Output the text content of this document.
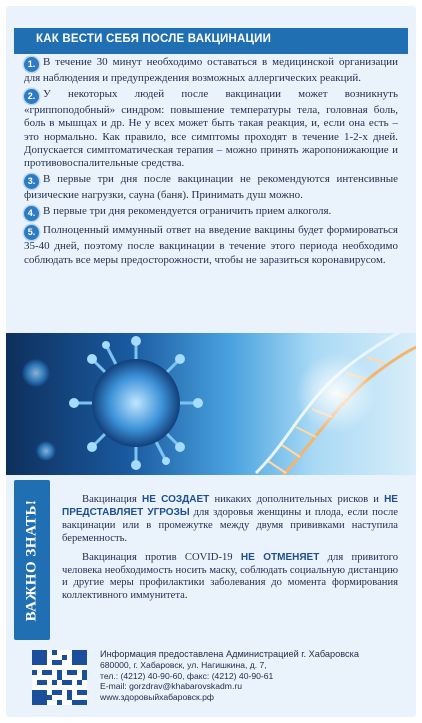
КАК ВЕСТИ СЕБЯ ПОСЛЕ ВАКЦИНАЦИИ
1. В течение 30 минут необходимо оставаться в медицинской организации для наблюдения и предупреждения возможных аллергических реакций.
2. У некоторых людей после вакцинации может возникнуть «гриппоподобный» синдром: повышение температуры тела, головная боль, боль в мышцах и др. Не у всех может быть такая реакция, и, если она есть – это нормально. Как правило, все симптомы проходят в течение 1-2-х дней. Допускается симптоматическая терапия – можно принять жаропонижающие и противовоспалительные средства.
3. В первые три дня после вакцинации не рекомендуются интенсивные физические нагрузки, сауна (баня). Принимать душ можно.
4. В первые три дня рекомендуется ограничить прием алкоголя.
5. Полноценный иммунный ответ на введение вакцины будет формироваться 35-40 дней, поэтому после вакцинации в течение этого периода необходимо соблюдать все меры предосторожности, чтобы не заразиться коронавирусом.
ВАЖНО ЗНАТЬ!	Вакцинация НЕ СОЗДАЕТ никаких дополнительных рисков и НЕ ПРЕДСТАВЛЯЕТ УГРОЗЫ для здоровья женщины и плода, если после вакцинации или в промежутке между двумя прививками наступила беременность.

Вакцинация против COVID-19 НЕ ОТМЕНЯЕТ для привитого человека необходимость носить маску, соблюдать социальную дистанцию и другие меры профилактики заболевания до момента формирования коллективного иммунитета.

Информация предоставлена Администрацией г. Хабаровска
680000, г. Хабаровск, ул. Нагишкина, д. 7,
тел.: (4212) 40-90-60, факс: (4212) 40-90-61
E-mail: gorzdrav@khabarovskadm.ru
www.здоровыйхабаровск.рф
